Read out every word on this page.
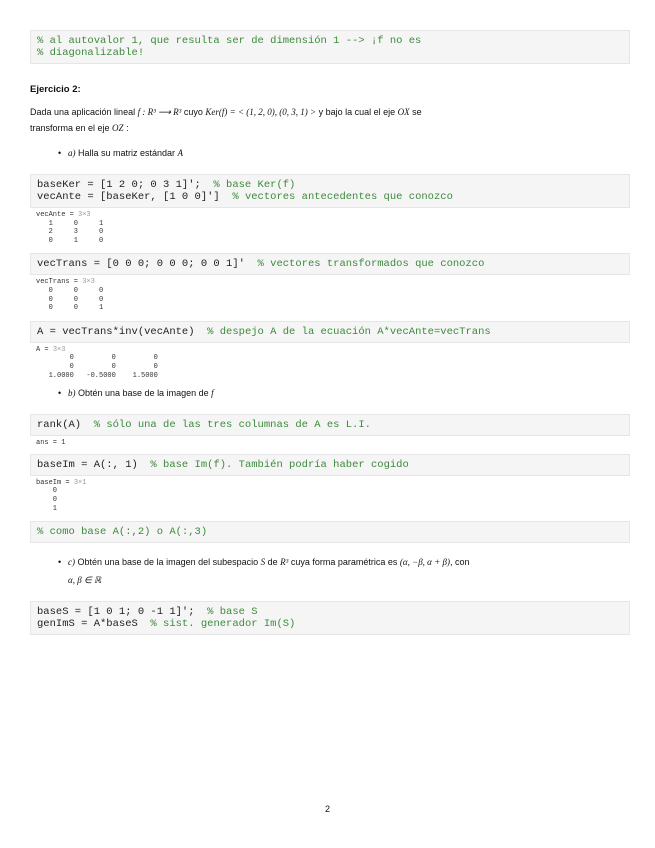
% al autovalor 1, que resulta ser de dimensión 1 --> ¡f no es
% diagonalizable!

Ejercicio 2:

Dada una aplicación lineal f : R³ ⟶ R³ cuyo Ker(f) = < (1, 2, 0), (0, 3, 1) > y bajo la cual el eje OX se
transforma en el eje OZ :

• a) Halla su matriz estándar A

baseKer = [1 2 0; 0 3 1]';  % base Ker(f)
vecAnte = [baseKer, [1 0 0]']  % vectores antecedentes que conozco
vecAnte = 3×3
1     0     1
2     3     0
0     1     0
vecTrans = [0 0 0; 0 0 0; 0 0 1]'  % vectores transformados que conozco
vecTrans = 3×3
0     0     0
0     0     0
0     0     1
A = vecTrans*inv(vecAnte)  % despejo A de la ecuación A*vecAnte=vecTrans
A = 3×3
0         0         0
0         0         0
1.0000   -0.5000    1.5000

• b) Obtén una base de la imagen de f

rank(A)  % sólo una de las tres columnas de A es L.I.
ans = 1
baseIm = A(:, 1)  % base Im(f). También podría haber cogido
baseIm = 3×1
0
0
1
% como base A(:,2) o A(:,3)

• c) Obtén una base de la imagen del subespacio S de R³ cuya forma paramétrica es (α, −β, α + β), con
α, β ∈ ℝ

baseS = [1 0 1; 0 -1 1]';  % base S
genImS = A*baseS  % sist. generador Im(S)
2
